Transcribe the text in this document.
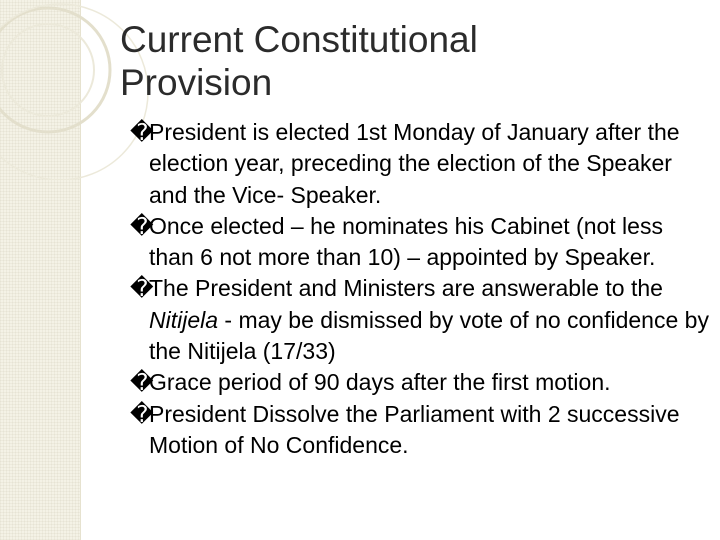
Current Constitutional
Provision
�
President is elected 1st Monday of January after the election year, preceding the election of the Speaker and the Vice- Speaker.
�
Once elected – he nominates his Cabinet (not less than 6 not more than 10) – appointed by Speaker.
�
The President and Ministers are answerable to the Nitijela - may be dismissed by vote of no confidence by the Nitijela (17/33)
�
Grace period of 90 days after the first motion.
�
President Dissolve the Parliament with 2 successive Motion of No Confidence.
